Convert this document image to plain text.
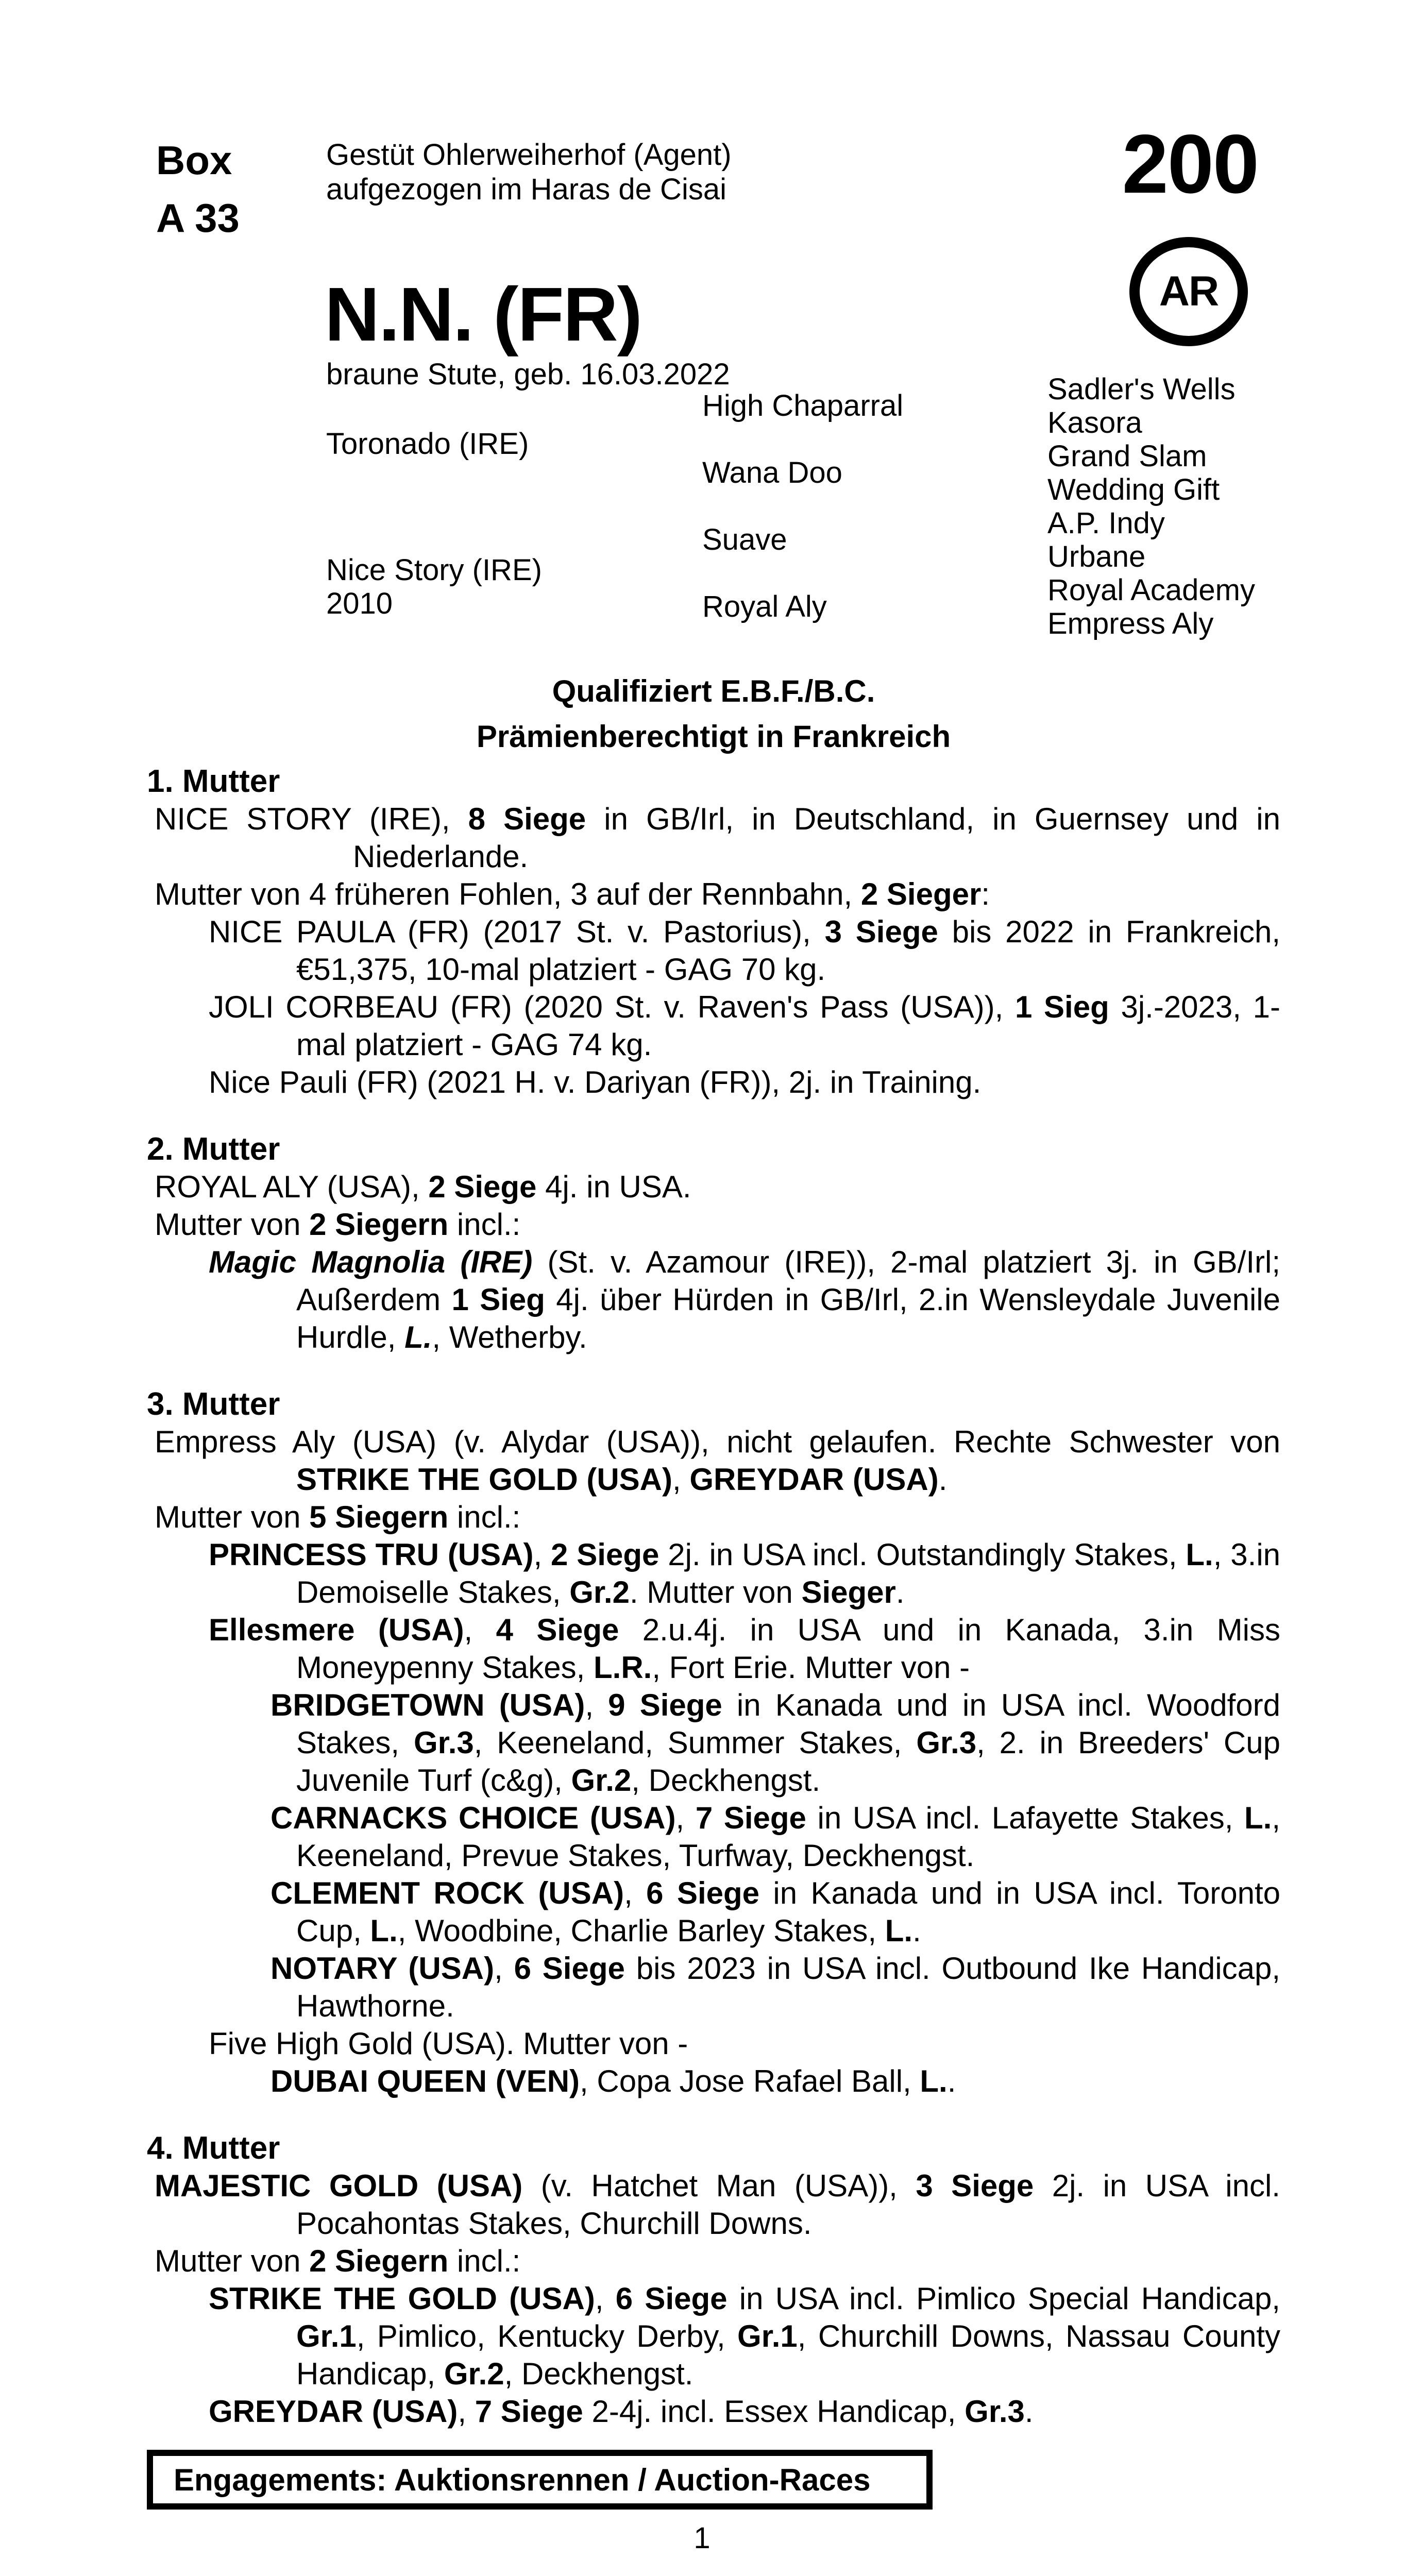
Box
A 33
Gestüt Ohlerweiherhof (Agent)
aufgezogen im Haras de Cisai	200
AR
N.N. (FR)
braune Stute, geb. 16.03.2022
Toronado (IRE)
Nice Story (IRE)
2010
High Chaparral
Wana Doo
Suave
Royal Aly
Sadler's Wells
Kasora
Grand Slam
Wedding Gift
A.P. Indy
Urbane
Royal Academy
Empress Aly
Qualifiziert E.B.F./B.C.
Prämienberechtigt in Frankreich
1. Mutter
NICE STORY (IRE), 8 Siege in GB/Irl, in Deutschland, in Guernsey und in Niederlande.
Mutter von 4 früheren Fohlen, 3 auf der Rennbahn, 2 Sieger:
NICE PAULA (FR) (2017 St. v. Pastorius), 3 Siege bis 2022 in Frankreich, €51,375, 10-mal platziert - GAG 70 kg.
JOLI CORBEAU (FR) (2020 St. v. Raven's Pass (USA)), 1 Sieg 3j.-2023, 1-mal platziert - GAG 74 kg.
Nice Pauli (FR) (2021 H. v. Dariyan (FR)), 2j. in Training.
2. Mutter
ROYAL ALY (USA), 2 Siege 4j. in USA.
Mutter von 2 Siegern incl.:
Magic Magnolia (IRE) (St. v. Azamour (IRE)), 2-mal platziert 3j. in GB/Irl; Außerdem 1 Sieg 4j. über Hürden in GB/Irl, 2.in Wensleydale Juvenile Hurdle, L., Wetherby.
3. Mutter
Empress Aly (USA) (v. Alydar (USA)), nicht gelaufen. Rechte Schwester von STRIKE THE GOLD (USA), GREYDAR (USA).
Mutter von 5 Siegern incl.:
PRINCESS TRU (USA), 2 Siege 2j. in USA incl. Outstandingly Stakes, L., 3.in Demoiselle Stakes, Gr.2. Mutter von Sieger.
Ellesmere (USA), 4 Siege 2.u.4j. in USA und in Kanada, 3.in Miss Moneypenny Stakes, L.R., Fort Erie. Mutter von -
BRIDGETOWN (USA), 9 Siege in Kanada und in USA incl. Woodford Stakes, Gr.3, Keeneland, Summer Stakes, Gr.3, 2. in Breeders' Cup Juvenile Turf (c&g), Gr.2, Deckhengst.
CARNACKS CHOICE (USA), 7 Siege in USA incl. Lafayette Stakes, L., Keeneland, Prevue Stakes, Turfway, Deckhengst.
CLEMENT ROCK (USA), 6 Siege in Kanada und in USA incl. Toronto Cup, L., Woodbine, Charlie Barley Stakes, L..
NOTARY (USA), 6 Siege bis 2023 in USA incl. Outbound Ike Handicap, Hawthorne.
Five High Gold (USA). Mutter von -
DUBAI QUEEN (VEN), Copa Jose Rafael Ball, L..
4. Mutter
MAJESTIC GOLD (USA) (v. Hatchet Man (USA)), 3 Siege 2j. in USA incl. Pocahontas Stakes, Churchill Downs.
Mutter von 2 Siegern incl.:
STRIKE THE GOLD (USA), 6 Siege in USA incl. Pimlico Special Handicap, Gr.1, Pimlico, Kentucky Derby, Gr.1, Churchill Downs, Nassau County Handicap, Gr.2, Deckhengst.
GREYDAR (USA), 7 Siege 2-4j. incl. Essex Handicap, Gr.3.
Engagements: Auktionsrennen / Auction-Races
1
